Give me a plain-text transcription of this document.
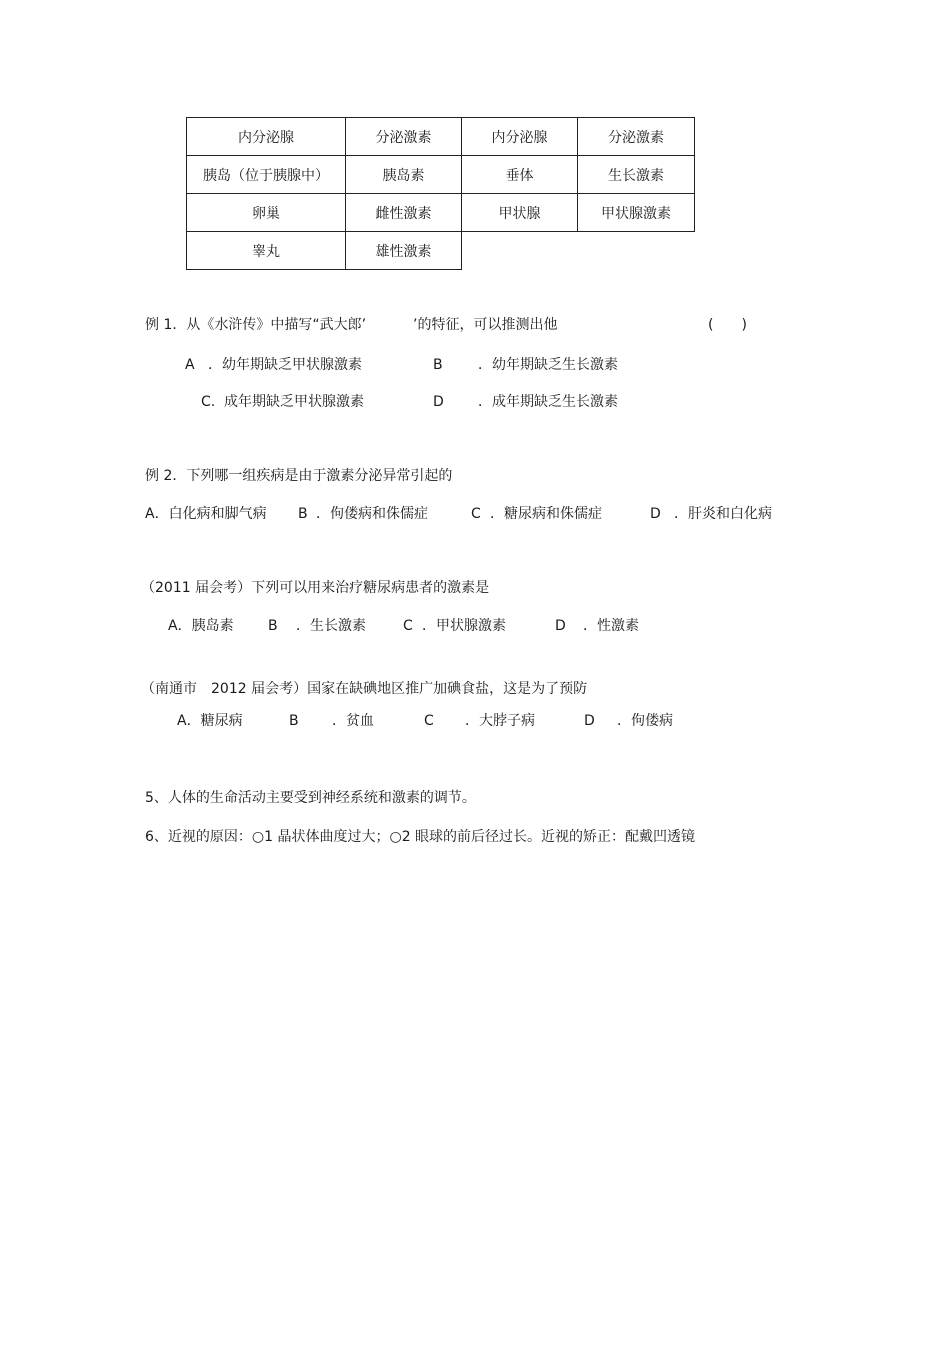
内分泌腺	分泌激素	内分泌腺	分泌激素
胰岛（位于胰腺中）	胰岛素	垂体	生长激素
卵巢	雌性激素	甲状腺	甲状腺激素
睾丸	雄性激素		
例 1．从《水浒传》中描写“武大郎’	’的特征，可以推测出他	(　　)
A ．幼年期缺乏甲状腺激素	B	．幼年期缺乏生长激素
C. 成年期缺乏甲状腺激素	D ．成年期缺乏生长激素
例 2．下列哪一组疾病是由于激素分泌异常引起的
A．白化病和脚气病 B ．佝偻病和侏儒症	C ．糖尿病和侏儒症	D ．肝炎和白化病
（2011 届会考）下列可以用来治疗糖尿病患者的激素是
A．胰岛素 B ．生长激素	C ．甲状腺激素	D ．性激素
（南通市　2012 届会考）国家在缺碘地区推广加碘食盐，这是为了预防
A．糖尿病	B ．贫血	C ．大脖子病	D ．佝偻病
5、人体的生命活动主要受到神经系统和激素的调节。
6、近视的原因：○1 晶状体曲度过大；○2 眼球的前后径过长。近视的矫正：配戴凹透镜
